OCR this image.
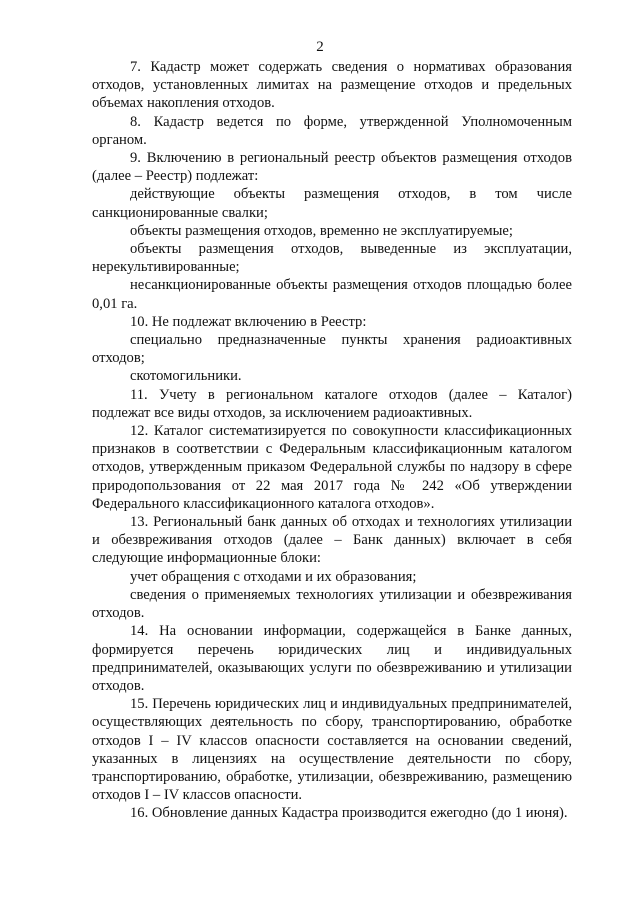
2

7. Кадастр может содержать сведения о нормативах образования отходов, установленных лимитах на размещение отходов и предельных объемах накопления отходов.

8. Кадастр ведется по форме, утвержденной Уполномоченным органом.

9. Включению в региональный реестр объектов размещения отходов (далее – Реестр) подлежат:

действующие объекты размещения отходов, в том числе санкционированные свалки;

объекты размещения отходов, временно не эксплуатируемые;

объекты размещения отходов, выведенные из эксплуатации, нерекультивированные;

несанкционированные объекты размещения отходов площадью более 0,01 га.

10. Не подлежат включению в Реестр:

специально предназначенные пункты хранения радиоактивных отходов;

скотомогильники.

11. Учету в региональном каталоге отходов (далее – Каталог) подлежат все виды отходов, за исключением радиоактивных.

12. Каталог систематизируется по совокупности классификационных признаков в соответствии с Федеральным классификационным каталогом отходов, утвержденным приказом Федеральной службы по надзору в сфере природопользования от 22 мая 2017 года № 242 «Об утверждении Федерального классификационного каталога отходов».

13. Региональный банк данных об отходах и технологиях утилизации и обезвреживания отходов (далее – Банк данных) включает в себя следующие информационные блоки:

учет обращения с отходами и их образования;

сведения о применяемых технологиях утилизации и обезвреживания отходов.

14. На основании информации, содержащейся в Банке данных, формируется перечень юридических лиц и индивидуальных предпринимателей, оказывающих услуги по обезвреживанию и утилизации отходов.

15. Перечень юридических лиц и индивидуальных предпринимателей, осуществляющих деятельность по сбору, транспортированию, обработке отходов I – IV классов опасности составляется на основании сведений, указанных в лицензиях на осуществление деятельности по сбору, транспортированию, обработке, утилизации, обезвреживанию, размещению отходов I – IV классов опасности.

16. Обновление данных Кадастра производится ежегодно (до 1 июня).
